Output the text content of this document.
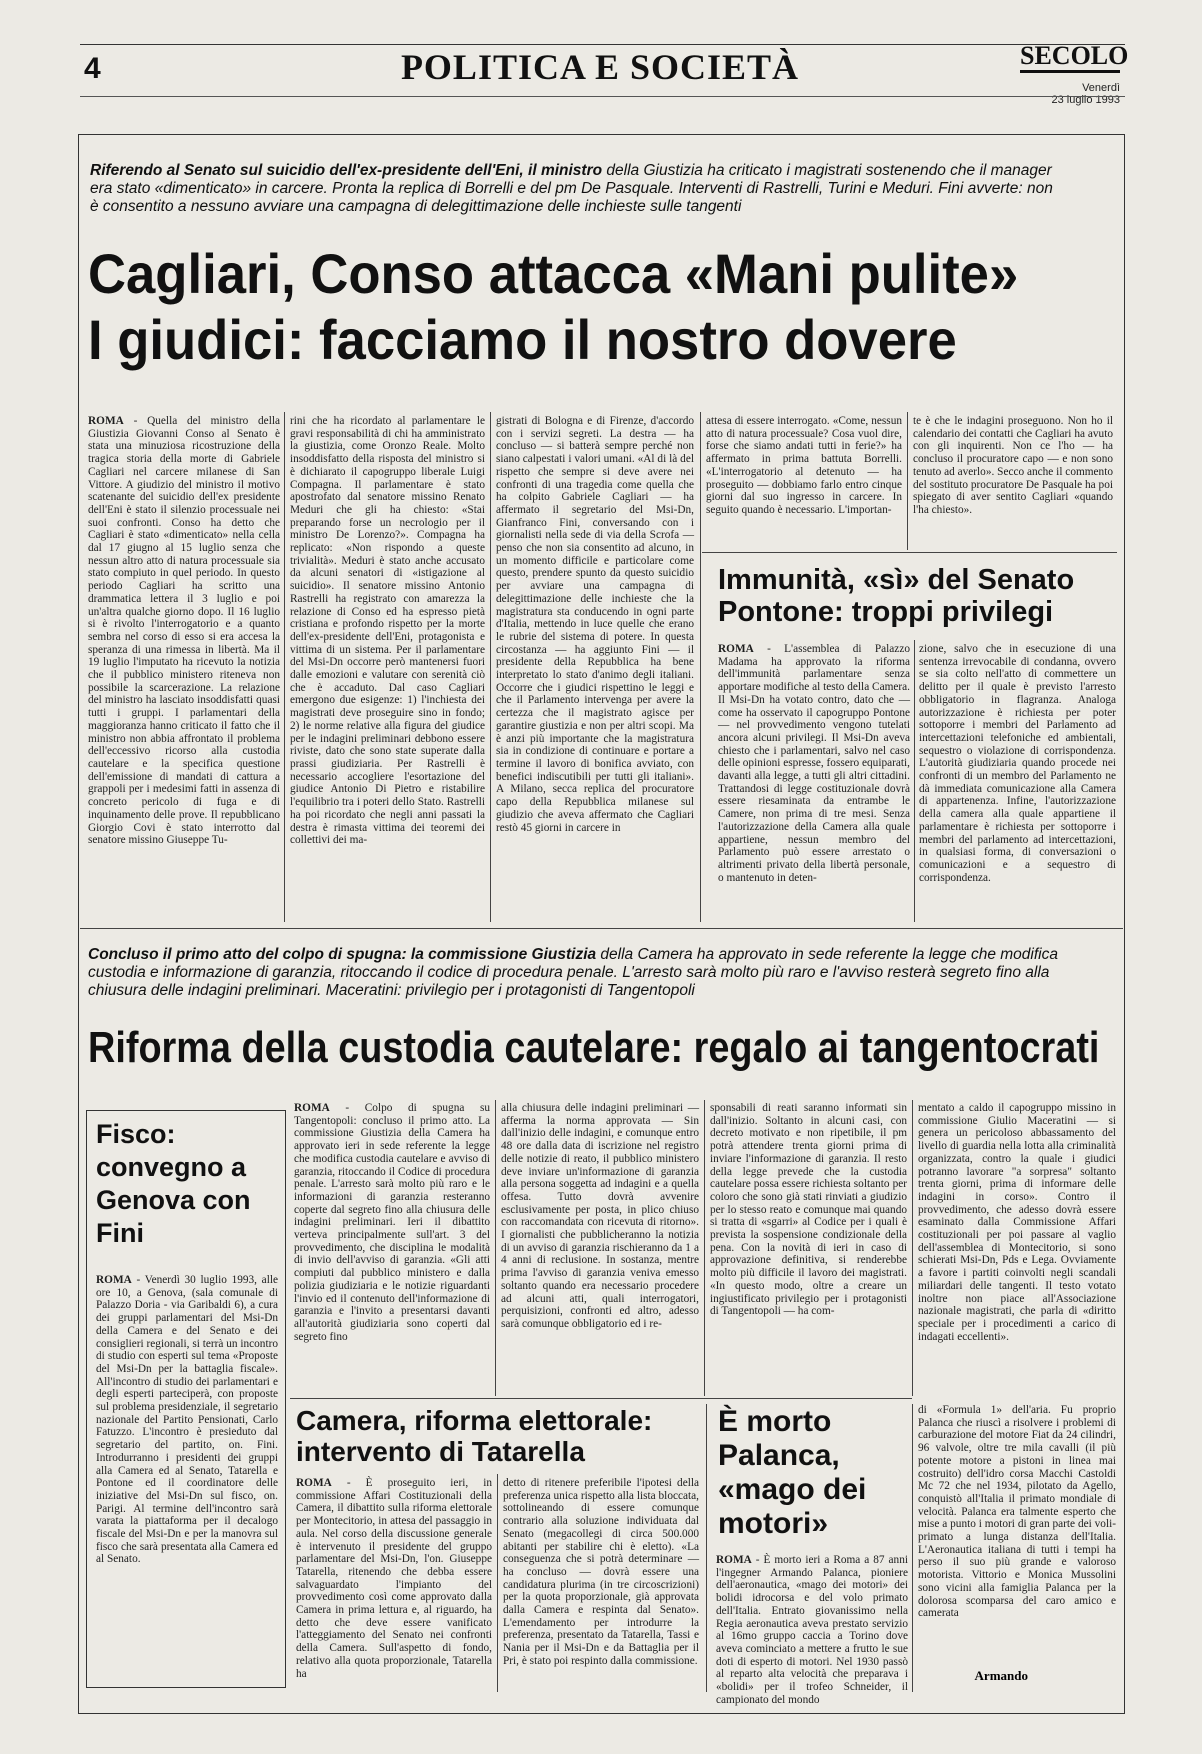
4	POLITICA E SOCIETÀ	SECOLO
Venerdì
23 luglio 1993
Riferendo al Senato sul suicidio dell'ex-presidente dell'Eni, il ministro della Giustizia ha criticato i magistrati sostenendo che il manager era stato «dimenticato» in carcere. Pronta la replica di Borrelli e del pm De Pasquale. Interventi di Rastrelli, Turini e Meduri. Fini avverte: non è consentito a nessuno avviare una campagna di delegittimazione delle inchieste sulle tangenti
Cagliari, Conso attacca «Mani pulite»
I giudici: facciamo il nostro dovere
ROMA - Quella del ministro della Giustizia Giovanni Conso al Senato è stata una minuziosa ricostruzione della tragica storia della morte di Gabriele Cagliari nel carcere milanese di San Vittore. A giudizio del ministro il motivo scatenante del suicidio dell'ex presidente dell'Eni è stato il silenzio processuale nei suoi confronti. Conso ha detto che Cagliari è stato «dimenticato» nella cella dal 17 giugno al 15 luglio senza che nessun altro atto di natura processuale sia stato compiuto in quel periodo. In questo periodo Cagliari ha scritto una drammatica lettera il 3 luglio e poi un'altra qualche giorno dopo. Il 16 luglio si è rivolto l'interrogatorio e a quanto sembra nel corso di esso si era accesa la speranza di una rimessa in libertà. Ma il 19 luglio l'imputato ha ricevuto la notizia che il pubblico ministero riteneva non possibile la scarcerazione. La relazione del ministro ha lasciato insoddisfatti quasi tutti i gruppi. I parlamentari della maggioranza hanno criticato il fatto che il ministro non abbia affrontato il problema dell'eccessivo ricorso alla custodia cautelare e la specifica questione dell'emissione di mandati di cattura a grappoli per i medesimi fatti in assenza di concreto pericolo di fuga e di inquinamento delle prove. Il repubblicano Giorgio Covi è stato interrotto dal senatore missino Giuseppe Tu-
rini che ha ricordato al parlamentare le gravi responsabilità di chi ha amministrato la giustizia, come Oronzo Reale. Molto insoddisfatto della risposta del ministro si è dichiarato il capogruppo liberale Luigi Compagna. Il parlamentare è stato apostrofato dal senatore missino Renato Meduri che gli ha chiesto: «Stai preparando forse un necrologio per il ministro De Lorenzo?». Compagna ha replicato: «Non rispondo a queste trivialità». Meduri è stato anche accusato da alcuni senatori di «istigazione al suicidio». Il senatore missino Antonio Rastrelli ha registrato con amarezza la relazione di Conso ed ha espresso pietà cristiana e profondo rispetto per la morte dell'ex-presidente dell'Eni, protagonista e vittima di un sistema. Per il parlamentare del Msi-Dn occorre però mantenersi fuori dalle emozioni e valutare con serenità ciò che è accaduto. Dal caso Cagliari emergono due esigenze: 1) l'inchiesta dei magistrati deve proseguire sino in fondo; 2) le norme relative alla figura del giudice per le indagini preliminari debbono essere riviste, dato che sono state superate dalla prassi giudiziaria. Per Rastrelli è necessario accogliere l'esortazione del giudice Antonio Di Pietro e ristabilire l'equilibrio tra i poteri dello Stato. Rastrelli ha poi ricordato che negli anni passati la destra è rimasta vittima dei teoremi dei collettivi dei ma-
gistrati di Bologna e di Firenze, d'accordo con i servizi segreti. La destra — ha concluso — si batterà sempre perché non siano calpestati i valori umani. «Al di là del rispetto che sempre si deve avere nei confronti di una tragedia come quella che ha colpito Gabriele Cagliari — ha affermato il segretario del Msi-Dn, Gianfranco Fini, conversando con i giornalisti nella sede di via della Scrofa — penso che non sia consentito ad alcuno, in un momento difficile e particolare come questo, prendere spunto da questo suicidio per avviare una campagna di delegittimazione delle inchieste che la magistratura sta conducendo in ogni parte d'Italia, mettendo in luce quelle che erano le rubrie del sistema di potere. In questa circostanza — ha aggiunto Fini — il presidente della Repubblica ha bene interpretato lo stato d'animo degli italiani. Occorre che i giudici rispettino le leggi e che il Parlamento intervenga per avere la certezza che il magistrato agisce per garantire giustizia e non per altri scopi. Ma è anzi più importante che la magistratura sia in condizione di continuare e portare a termine il lavoro di bonifica avviato, con benefici indiscutibili per tutti gli italiani». A Milano, secca replica del procuratore capo della Repubblica milanese sul giudizio che aveva affermato che Cagliari restò 45 giorni in carcere in
attesa di essere interrogato. «Come, nessun atto di natura processuale? Cosa vuol dire, forse che siamo andati tutti in ferie?» ha affermato in prima battuta Borrelli. «L'interrogatorio al detenuto — ha proseguito — dobbiamo farlo entro cinque giorni dal suo ingresso in carcere. In seguito quando è necessario. L'importan-
te è che le indagini proseguono. Non ho il calendario dei contatti che Cagliari ha avuto con gli inquirenti. Non ce l'ho — ha concluso il procuratore capo — e non sono tenuto ad averlo». Secco anche il commento del sostituto procuratore De Pasquale ha poi spiegato di aver sentito Cagliari «quando l'ha chiesto».
Immunità, «sì» del Senato Pontone: troppi privilegi
ROMA - L'assemblea di Palazzo Madama ha approvato la riforma dell'immunità parlamentare senza apportare modifiche al testo della Camera. Il Msi-Dn ha votato contro, dato che — come ha osservato il capogruppo Pontone — nel provvedimento vengono tutelati ancora alcuni privilegi. Il Msi-Dn aveva chiesto che i parlamentari, salvo nel caso delle opinioni espresse, fossero equiparati, davanti alla legge, a tutti gli altri cittadini. Trattandosi di legge costituzionale dovrà essere riesaminata da entrambe le Camere, non prima di tre mesi. Senza l'autorizzazione della Camera alla quale appartiene, nessun membro del Parlamento può essere arrestato o altrimenti privato della libertà personale, o mantenuto in deten-
zione, salvo che in esecuzione di una sentenza irrevocabile di condanna, ovvero se sia colto nell'atto di commettere un delitto per il quale è previsto l'arresto obbligatorio in flagranza. Analoga autorizzazione è richiesta per poter sottoporre i membri del Parlamento ad intercettazioni telefoniche ed ambientali, sequestro o violazione di corrispondenza. L'autorità giudiziaria quando procede nei confronti di un membro del Parlamento ne dà immediata comunicazione alla Camera di appartenenza. Infine, l'autorizzazione della camera alla quale appartiene il parlamentare è richiesta per sottoporre i membri del parlamento ad intercettazioni, in qualsiasi forma, di conversazioni o comunicazioni e a sequestro di corrispondenza.
Concluso il primo atto del colpo di spugna: la commissione Giustizia della Camera ha approvato in sede referente la legge che modifica custodia e informazione di garanzia, ritoccando il codice di procedura penale. L'arresto sarà molto più raro e l'avviso resterà segreto fino alla chiusura delle indagini preliminari. Maceratini: privilegio per i protagonisti di Tangentopoli
Riforma della custodia cautelare: regalo ai tangentocrati
Fisco: convegno a Genova con Fini
ROMA - Venerdì 30 luglio 1993, alle ore 10, a Genova, (sala comunale di Palazzo Doria - via Garibaldi 6), a cura dei gruppi parlamentari del Msi-Dn della Camera e del Senato e dei consiglieri regionali, si terrà un incontro di studio con esperti sul tema «Proposte del Msi-Dn per la battaglia fiscale». All'incontro di studio dei parlamentari e degli esperti parteciperà, con proposte sul problema presidenziale, il segretario nazionale del Partito Pensionati, Carlo Fatuzzo. L'incontro è presieduto dal segretario del partito, on. Fini. Introdurranno i presidenti dei gruppi alla Camera ed al Senato, Tatarella e Pontone ed il coordinatore delle iniziative del Msi-Dn sul fisco, on. Parigi. Al termine dell'incontro sarà varata la piattaforma per il decalogo fiscale del Msi-Dn e per la manovra sul fisco che sarà presentata alla Camera ed al Senato.
ROMA - Colpo di spugna su Tangentopoli: concluso il primo atto. La commissione Giustizia della Camera ha approvato ieri in sede referente la legge che modifica custodia cautelare e avviso di garanzia, ritoccando il Codice di procedura penale. L'arresto sarà molto più raro e le informazioni di garanzia resteranno coperte dal segreto fino alla chiusura delle indagini preliminari. Ieri il dibattito verteva principalmente sull'art. 3 del provvedimento, che disciplina le modalità di invio dell'avviso di garanzia. «Gli atti compiuti dal pubblico ministero e dalla polizia giudiziaria e le notizie riguardanti l'invio ed il contenuto dell'informazione di garanzia e l'invito a presentarsi davanti all'autorità giudiziaria sono coperti dal segreto fino
alla chiusura delle indagini preliminari — afferma la norma approvata — Sin dall'inizio delle indagini, e comunque entro 48 ore dalla data di iscrizione nel registro delle notizie di reato, il pubblico ministero deve inviare un'informazione di garanzia alla persona soggetta ad indagini e a quella offesa. Tutto dovrà avvenire esclusivamente per posta, in plico chiuso con raccomandata con ricevuta di ritorno». I giornalisti che pubblicheranno la notizia di un avviso di garanzia rischieranno da 1 a 4 anni di reclusione. In sostanza, mentre prima l'avviso di garanzia veniva emesso soltanto quando era necessario procedere ad alcuni atti, quali interrogatori, perquisizioni, confronti ed altro, adesso sarà comunque obbligatorio ed i re-
sponsabili di reati saranno informati sin dall'inizio. Soltanto in alcuni casi, con decreto motivato e non ripetibile, il pm potrà attendere trenta giorni prima di inviare l'informazione di garanzia. Il resto della legge prevede che la custodia cautelare possa essere richiesta soltanto per coloro che sono già stati rinviati a giudizio per lo stesso reato e comunque mai quando si tratta di «sgarri» al Codice per i quali è prevista la sospensione condizionale della pena. Con la novità di ieri in caso di approvazione definitiva, si renderebbe molto più difficile il lavoro dei magistrati. «In questo modo, oltre a creare un ingiustificato privilegio per i protagonisti di Tangentopoli — ha com-
mentato a caldo il capogruppo missino in commissione Giulio Maceratini — si genera un pericoloso abbassamento del livello di guardia nella lotta alla criminalità organizzata, contro la quale i giudici potranno lavorare "a sorpresa" soltanto trenta giorni, prima di informare delle indagini in corso». Contro il provvedimento, che adesso dovrà essere esaminato dalla Commissione Affari costituzionali per poi passare al vaglio dell'assemblea di Montecitorio, si sono schierati Msi-Dn, Pds e Lega. Ovviamente a favore i partiti coinvolti negli scandali miliardari delle tangenti. Il testo votato inoltre non piace all'Associazione nazionale magistrati, che parla di «diritto speciale per i procedimenti a carico di indagati eccellenti».
Camera, riforma elettorale: intervento di Tatarella
ROMA - È proseguito ieri, in commissione Affari Costituzionali della Camera, il dibattito sulla riforma elettorale per Montecitorio, in attesa del passaggio in aula. Nel corso della discussione generale è intervenuto il presidente del gruppo parlamentare del Msi-Dn, l'on. Giuseppe Tatarella, ritenendo che debba essere salvaguardato l'impianto del provvedimento così come approvato dalla Camera in prima lettura e, al riguardo, ha detto che deve essere vanificato l'atteggiamento del Senato nei confronti della Camera. Sull'aspetto di fondo, relativo alla quota proporzionale, Tatarella ha
detto di ritenere preferibile l'ipotesi della preferenza unica rispetto alla lista bloccata, sottolineando di essere comunque contrario alla soluzione individuata dal Senato (megacollegi di circa 500.000 abitanti per stabilire chi è eletto). «La conseguenza che si potrà determinare — ha concluso — dovrà essere una candidatura plurima (in tre circoscrizioni) per la quota proporzionale, già approvata dalla Camera e respinta dal Senato». L'emendamento per introdurre la preferenza, presentato da Tatarella, Tassi e Nania per il Msi-Dn e da Battaglia per il Pri, è stato poi respinto dalla commissione.
È morto Palanca, «mago dei motori»
ROMA - È morto ieri a Roma a 87 anni l'ingegner Armando Palanca, pioniere dell'aeronautica, «mago dei motori» dei bolidi idrocorsa e del volo primato dell'Italia. Entrato giovanissimo nella Regia aeronautica aveva prestato servizio al 16mo gruppo caccia a Torino dove aveva cominciato a mettere a frutto le sue doti di esperto di motori. Nel 1930 passò al reparto alta velocità che preparava i «bolidi» per il trofeo Schneider, il campionato del mondo
di «Formula 1» dell'aria. Fu proprio Palanca che riuscì a risolvere i problemi di carburazione del motore Fiat da 24 cilindri, 96 valvole, oltre tre mila cavalli (il più potente motore a pistoni in linea mai costruito) dell'idro corsa Macchi Castoldi Mc 72 che nel 1934, pilotato da Agello, conquistò all'Italia il primato mondiale di velocità. Palanca era talmente esperto che mise a punto i motori di gran parte dei voli-primato a lunga distanza dell'Italia. L'Aeronautica italiana di tutti i tempi ha perso il suo più grande e valoroso motorista. Vittorio e Monica Mussolini sono vicini alla famiglia Palanca per la dolorosa scomparsa del caro amico e camerata
Armando
